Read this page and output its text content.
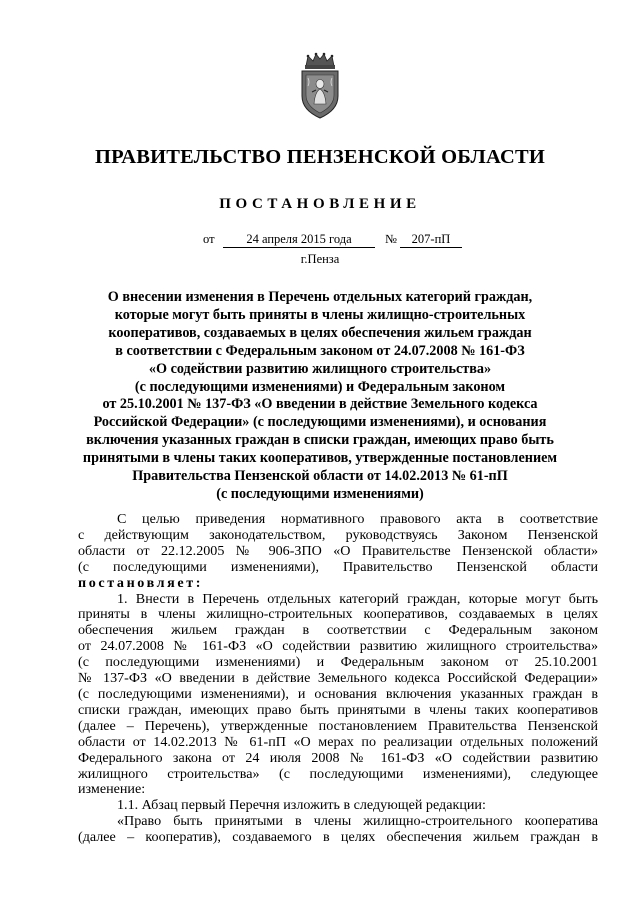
ПРАВИТЕЛЬСТВО ПЕНЗЕНСКОЙ ОБЛАСТИ
ПОСТАНОВЛЕНИЕ
от	24 апреля 2015 года	№	207-пП
г.Пенза
О внесении изменения в Перечень отдельных категорий граждан,
которые могут быть приняты в члены жилищно-строительных
кооперативов, создаваемых в целях обеспечения жильем граждан
в соответствии с Федеральным законом от 24.07.2008 № 161-ФЗ
«О содействии развитию жилищного строительства»
(с последующими изменениями) и Федеральным законом
от 25.10.2001 № 137-ФЗ «О введении в действие Земельного кодекса
Российской Федерации» (с последующими изменениями), и основания
включения указанных граждан в списки граждан, имеющих право быть
принятыми в члены таких кооперативов, утвержденные постановлением
Правительства Пензенской области от 14.02.2013 № 61-пП
(с последующими изменениями)
С целью приведения нормативного правового акта в соответствие
с действующим законодательством, руководствуясь Законом Пензенской
области от 22.12.2005 № 906-ЗПО «О Правительстве Пензенской области»
(с последующими изменениями), Правительство Пензенской области
постановляет:
1. Внести в Перечень отдельных категорий граждан, которые могут быть
приняты в члены жилищно-строительных кооперативов, создаваемых в целях
обеспечения жильем граждан в соответствии с Федеральным законом
от 24.07.2008 № 161-ФЗ «О содействии развитию жилищного строительства»
(с последующими изменениями) и Федеральным законом от 25.10.2001
№ 137-ФЗ «О введении в действие Земельного кодекса Российской Федерации»
(с последующими изменениями), и основания включения указанных граждан в
списки граждан, имеющих право быть принятыми в члены таких кооперативов
(далее – Перечень), утвержденные постановлением Правительства Пензенской
области от 14.02.2013 № 61-пП «О мерах по реализации отдельных положений
Федерального закона от 24 июля 2008 № 161-ФЗ «О содействии развитию
жилищного строительства» (с последующими изменениями), следующее
изменение:
1.1. Абзац первый Перечня изложить в следующей редакции:
«Право быть принятыми в члены жилищно-строительного кооператива
(далее – кооператив), создаваемого в целях обеспечения жильем граждан в
